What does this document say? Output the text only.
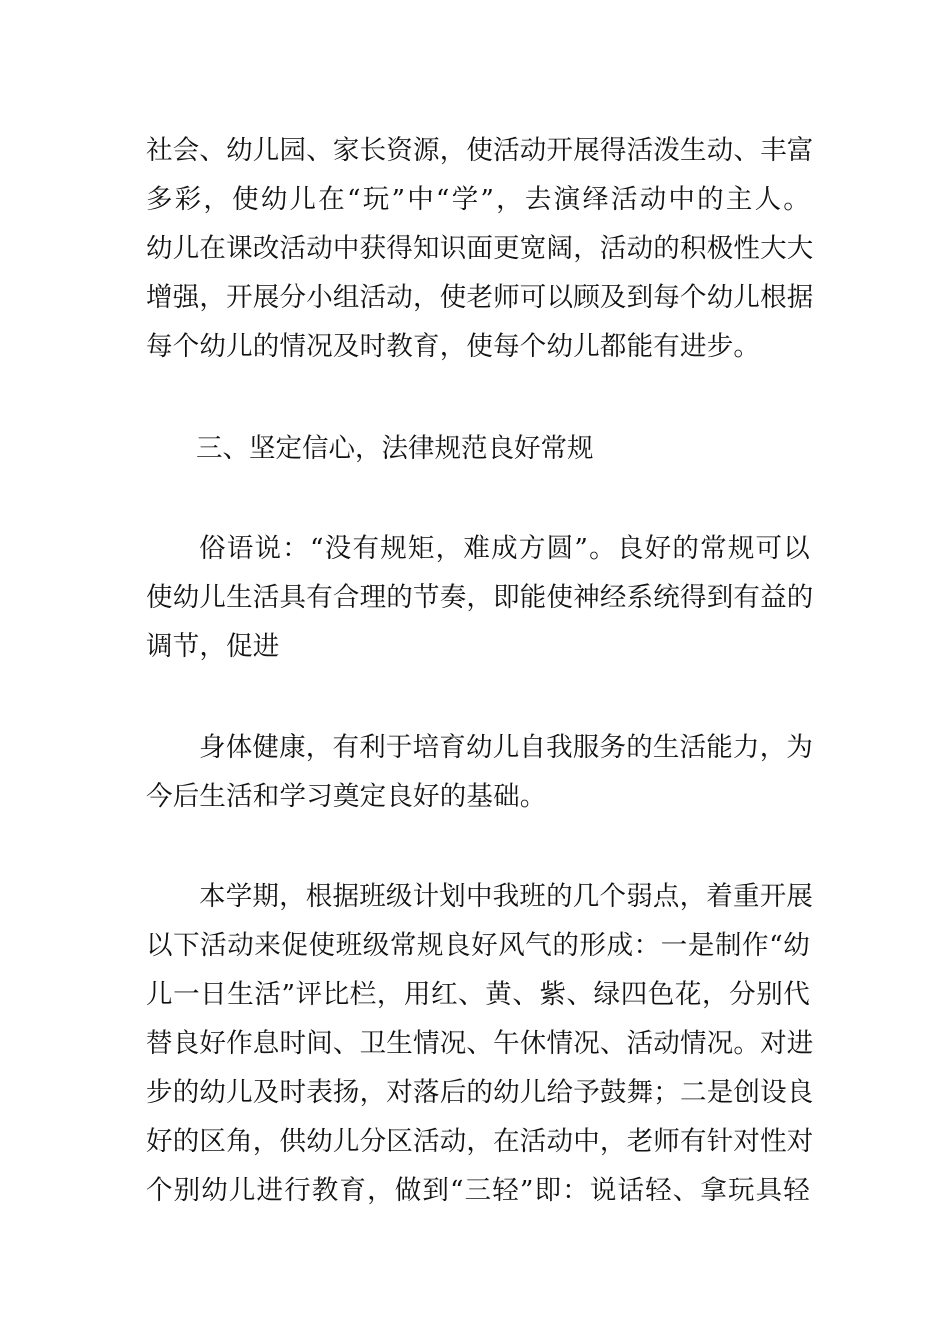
社会、幼儿园、家长资源，使活动开展得活泼生动、丰富
多彩，使幼儿在“玩”中“学”，去演绎活动中的主人。
幼儿在课改活动中获得知识面更宽阔，活动的积极性大大
增强，开展分小组活动，使老师可以顾及到每个幼儿根据
每个幼儿的情况及时教育，使每个幼儿都能有进步。
三、坚定信心，法律规范良好常规
俗语说：“没有规矩，难成方圆”。良好的常规可以
使幼儿生活具有合理的节奏，即能使神经系统得到有益的
调节，促进
身体健康，有利于培育幼儿自我服务的生活能力，为
今后生活和学习奠定良好的基础。
本学期，根据班级计划中我班的几个弱点，着重开展
以下活动来促使班级常规良好风气的形成：一是制作“幼
儿一日生活”评比栏，用红、黄、紫、绿四色花，分别代
替良好作息时间、卫生情况、午休情况、活动情况。对进
步的幼儿及时表扬，对落后的幼儿给予鼓舞；二是创设良
好的区角，供幼儿分区活动，在活动中，老师有针对性对
个别幼儿进行教育，做到“三轻”即：说话轻、拿玩具轻
